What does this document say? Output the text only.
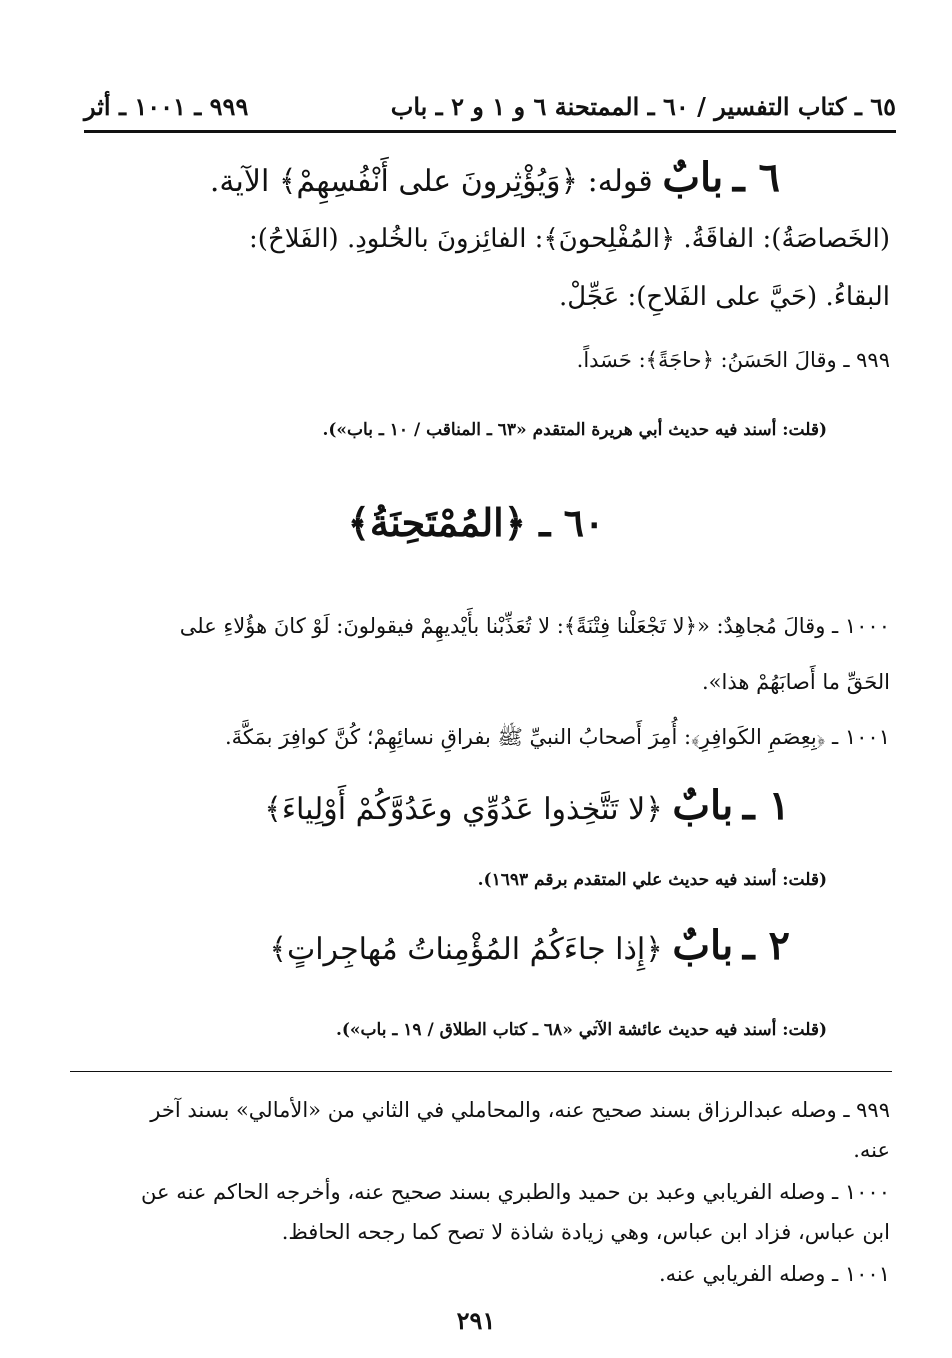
٦٥ ـ كتاب التفسير / ٦٠ ـ الممتحنة ٦ و ١ و ٢ ـ باب
٩٩٩ ـ ١٠٠١ ـ أثر
٦ ـ بابٌ قوله: ﴿وَيُؤْثِرونَ على أَنْفُسِهِمْ﴾ الآية.
(الخَصاصَةُ): الفاقَةُ. ﴿المُفْلِحونَ﴾: الفائِزونَ بالخُلودِ. (الفَلاحُ):
البقاءُ. (حَيَّ على الفَلاحِ): عَجِّلْ.
٩٩٩ ـ وقالَ الحَسَنُ: ﴿حاجَةً﴾: حَسَداً.
(قلت: أسند فيه حديث أبي هريرة المتقدم «٦٣ ـ المناقب / ١٠ ـ باب»).
٦٠ ـ ﴿المُمْتَحِنَةُ﴾
١٠٠٠ ـ وقالَ مُجاهِدٌ: «﴿لا تَجْعَلْنا فِتْنَةً﴾: لا تُعَذِّبْنا بأَيْديهِمْ فيقولونَ: لَوْ كانَ هؤُلاءِ على
الحَقِّ ما أَصابَهُمْ هذا».
١٠٠١ ـ ﴿بِعِصَمِ الكَوافِرِ﴾: أُمِرَ أَصحابُ النبيِّ ﷺ بفراقِ نسائِهِمْ؛ كُنَّ كوافِرَ بمَكَّةَ.
١ ـ بابٌ ﴿لا تَتَّخِذوا عَدُوِّي وعَدُوَّكُمْ أَوْلِياءَ﴾
(قلت: أسند فيه حديث علي المتقدم برقم ١٦٩٣).
٢ ـ بابٌ ﴿إِذا جاءَكُمُ المُؤْمِناتُ مُهاجِراتٍ﴾
(قلت: أسند فيه حديث عائشة الآتي «٦٨ ـ كتاب الطلاق / ١٩ ـ باب»).
٩٩٩ ـ وصله عبدالرزاق بسند صحيح عنه، والمحاملي في الثاني من «الأمالي» بسند آخر
عنه.
١٠٠٠ ـ وصله الفريابي وعبد بن حميد والطبري بسند صحيح عنه، وأخرجه الحاكم عنه عن
ابن عباس، فزاد ابن عباس، وهي زيادة شاذة لا تصح كما رجحه الحافظ.
١٠٠١ ـ وصله الفريابي عنه.
٢٩١
